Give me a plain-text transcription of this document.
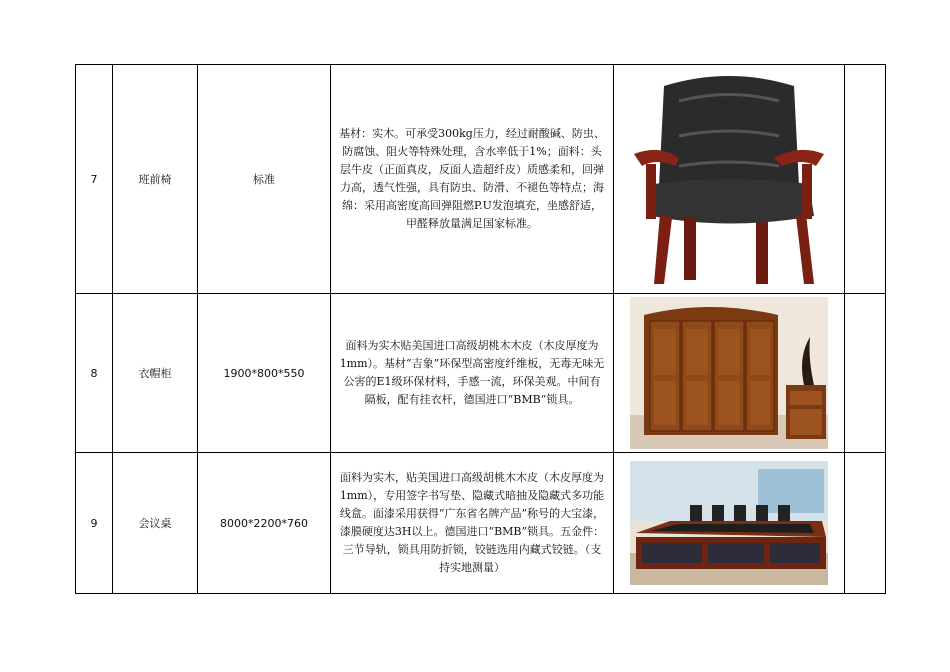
7	班前椅	标准	基材：实木。可承受300kg压力，经过耐酸碱、防虫、防腐蚀、阻火等特殊处理，含水率低于1%；面料：头层牛皮（正面真皮，反面人造超纤皮）质感柔和，回弹力高，透气性强，具有防虫、防滑、不褪色等特点；海绵：采用高密度高回弹阻燃P.U发泡填充，坐感舒适，甲醛释放量满足国家标准。	

8	衣帽柜	1900*800*550	面料为实木贴美国进口高级胡桃木木皮（木皮厚度为1mm）。基材“吉象”环保型高密度纤维板，无毒无味无公害的E1级环保材料，手感一流，环保美观。中间有隔板，配有挂衣杆，德国进口“BMB”锁具。	

9	会议桌	8000*2200*760	面料为实木，贴美国进口高级胡桃木木皮（木皮厚度为1mm），专用签字书写垫、隐藏式暗抽及隐藏式多功能线盒。面漆采用获得“广东省名牌产品”称号的大宝漆，漆膜硬度达3H以上。德国进口“BMB”锁具。五金件：三节导轨，锁具用防折锁，铰链选用内藏式铰链。（支持实地测量）	
